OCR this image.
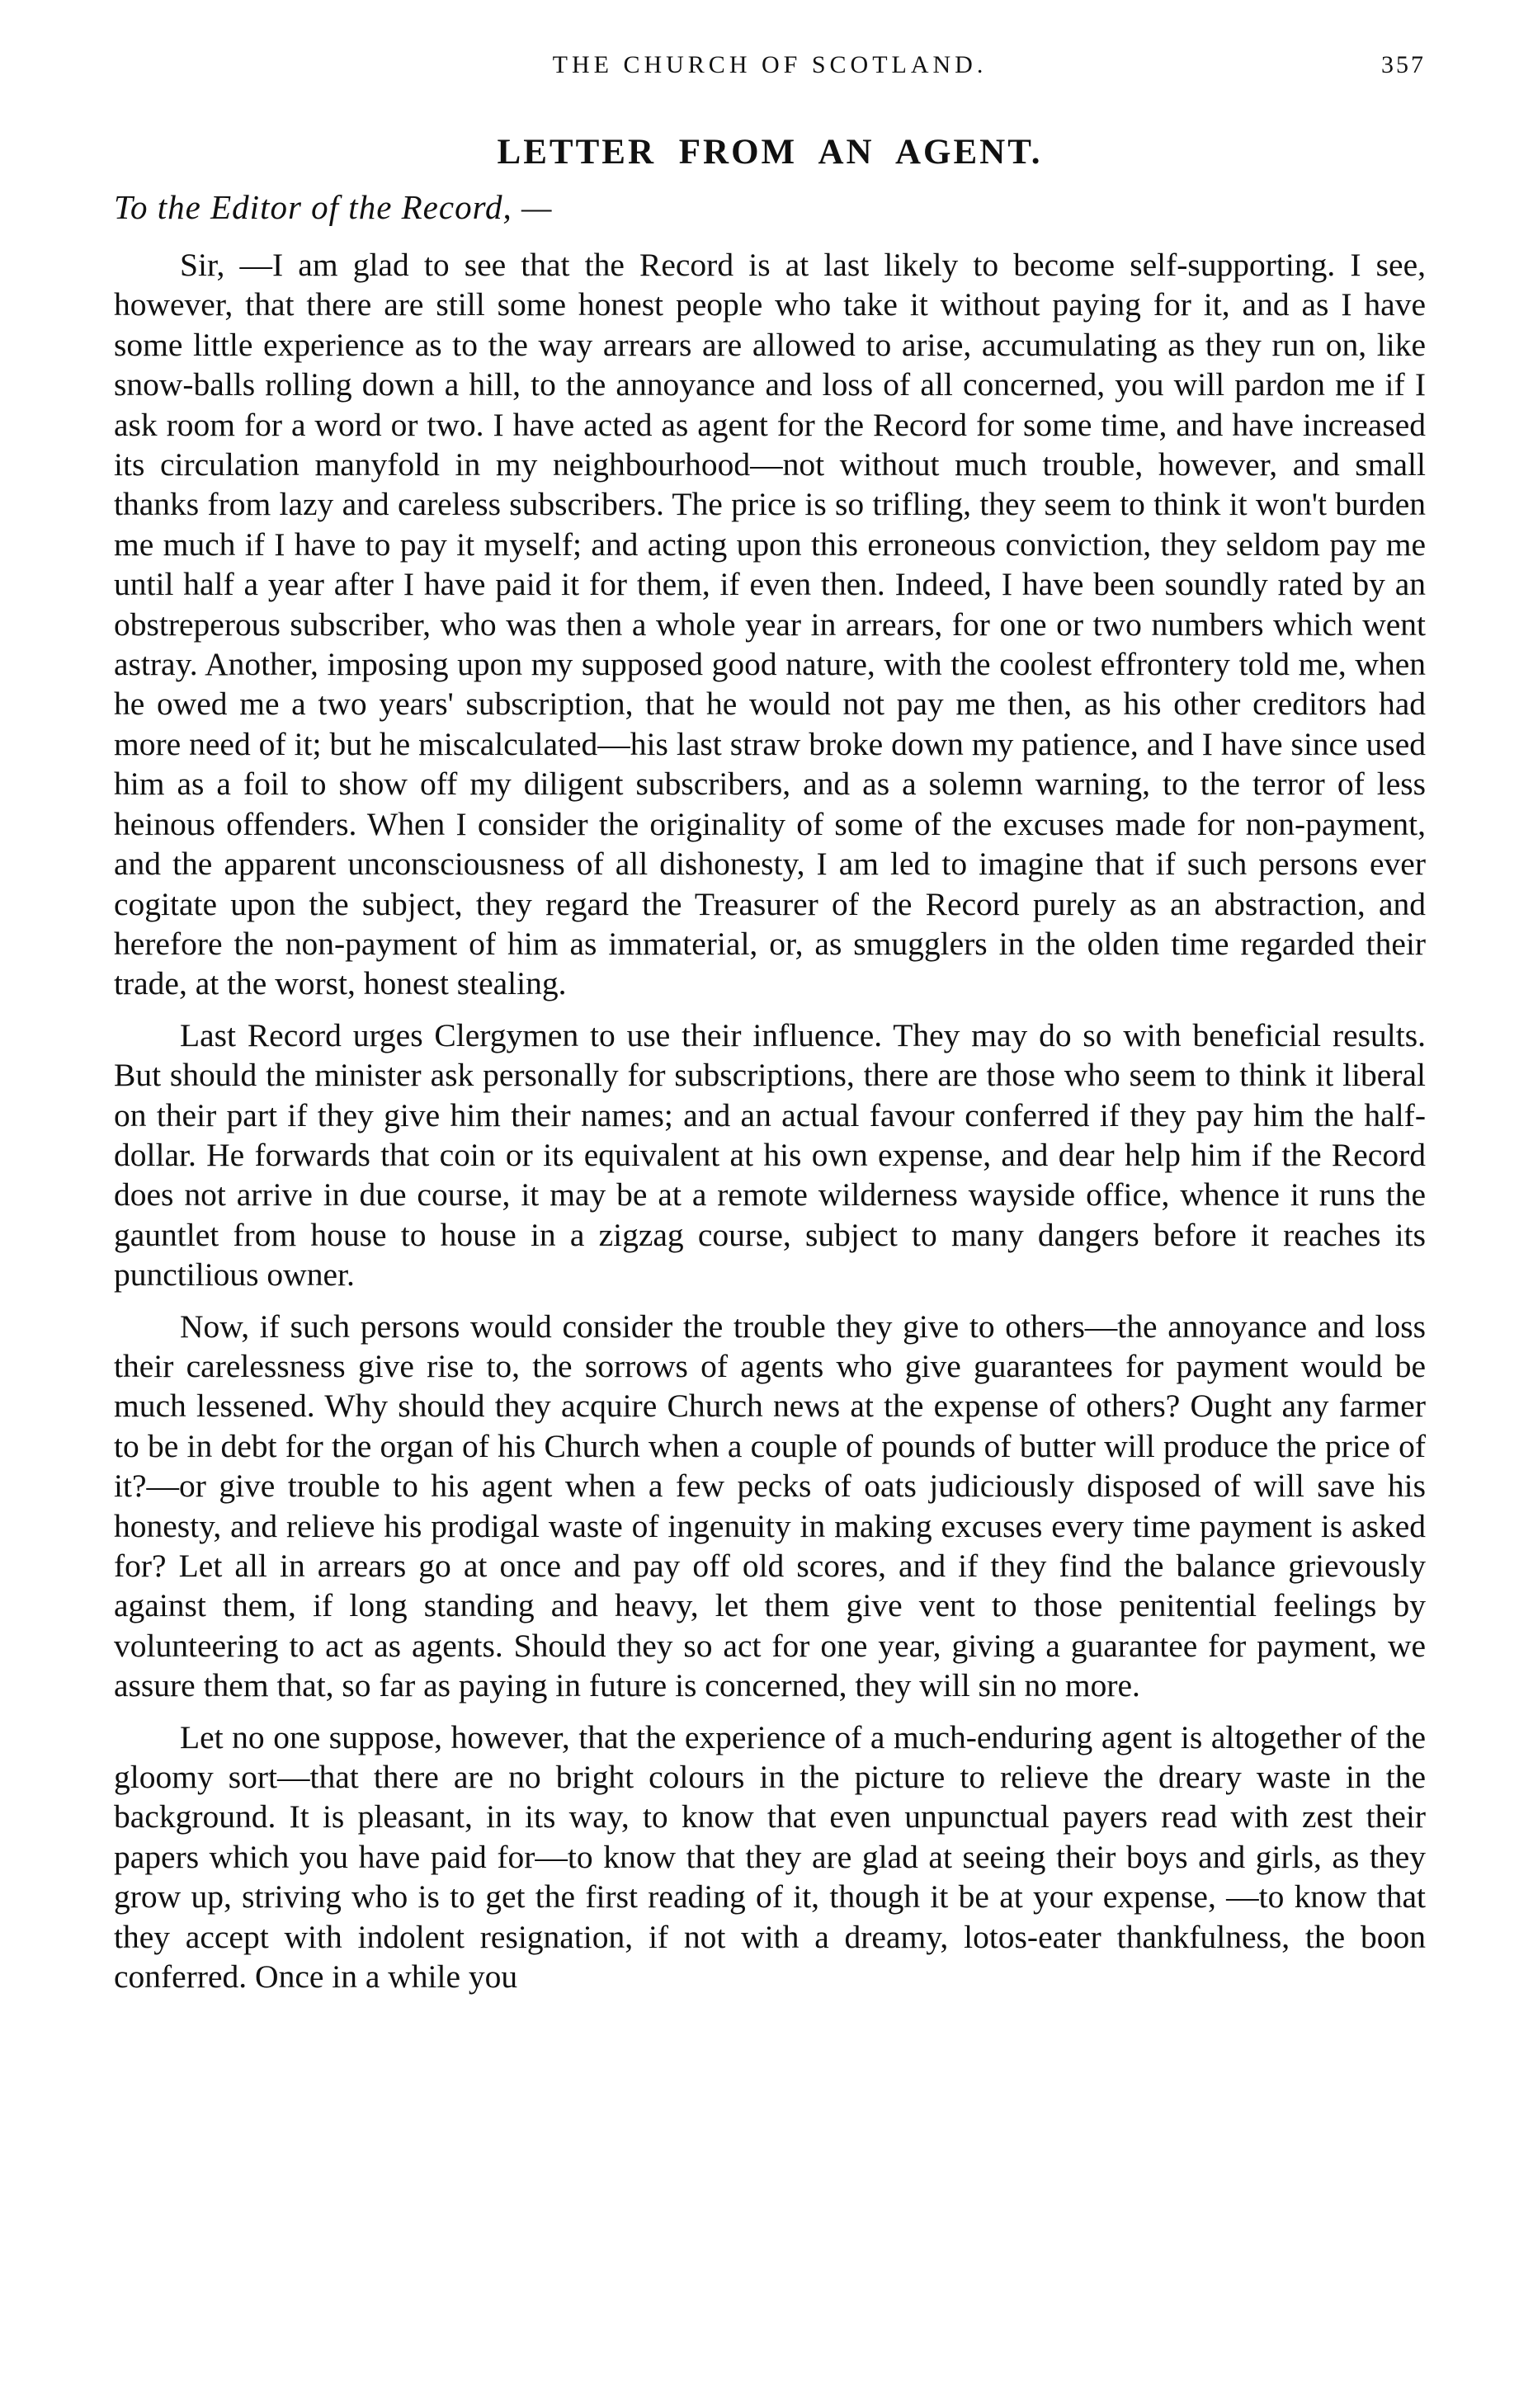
THE CHURCH OF SCOTLAND.	357
LETTER FROM AN AGENT.
To the Editor of the Record, —

Sir, —I am glad to see that the Record is at last likely to become self-supporting. I see, however, that there are still some honest people who take it without paying for it, and as I have some little experience as to the way arrears are allowed to arise, accumulating as they run on, like snow-balls rolling down a hill, to the annoyance and loss of all concerned, you will pardon me if I ask room for a word or two. I have acted as agent for the Record for some time, and have increased its circulation manyfold in my neighbourhood—not without much trouble, however, and small thanks from lazy and careless subscribers. The price is so trifling, they seem to think it won't burden me much if I have to pay it myself; and acting upon this erroneous conviction, they seldom pay me until half a year after I have paid it for them, if even then. Indeed, I have been soundly rated by an obstreperous subscriber, who was then a whole year in arrears, for one or two numbers which went astray. Another, imposing upon my supposed good nature, with the coolest effrontery told me, when he owed me a two years' subscription, that he would not pay me then, as his other creditors had more need of it; but he miscalculated—his last straw broke down my patience, and I have since used him as a foil to show off my diligent subscribers, and as a solemn warning, to the terror of less heinous offenders. When I consider the originality of some of the excuses made for non-payment, and the apparent unconsciousness of all dishonesty, I am led to imagine that if such persons ever cogitate upon the subject, they regard the Treasurer of the Record purely as an abstraction, and herefore the non-payment of him as immaterial, or, as smugglers in the olden time regarded their trade, at the worst, honest stealing.

Last Record urges Clergymen to use their influence. They may do so with beneficial results. But should the minister ask personally for subscriptions, there are those who seem to think it liberal on their part if they give him their names; and an actual favour conferred if they pay him the half-dollar. He forwards that coin or its equivalent at his own expense, and dear help him if the Record does not arrive in due course, it may be at a remote wilderness wayside office, whence it runs the gauntlet from house to house in a zigzag course, subject to many dangers before it reaches its punctilious owner.

Now, if such persons would consider the trouble they give to others—the annoyance and loss their carelessness give rise to, the sorrows of agents who give guarantees for payment would be much lessened. Why should they acquire Church news at the expense of others? Ought any farmer to be in debt for the organ of his Church when a couple of pounds of butter will produce the price of it?—or give trouble to his agent when a few pecks of oats judiciously disposed of will save his honesty, and relieve his prodigal waste of ingenuity in making excuses every time payment is asked for? Let all in arrears go at once and pay off old scores, and if they find the balance grievously against them, if long standing and heavy, let them give vent to those penitential feelings by volunteering to act as agents. Should they so act for one year, giving a guarantee for payment, we assure them that, so far as paying in future is concerned, they will sin no more.

Let no one suppose, however, that the experience of a much-enduring agent is altogether of the gloomy sort—that there are no bright colours in the picture to relieve the dreary waste in the background. It is pleasant, in its way, to know that even unpunctual payers read with zest their papers which you have paid for—to know that they are glad at seeing their boys and girls, as they grow up, striving who is to get the first reading of it, though it be at your expense, —to know that they accept with indolent resignation, if not with a dreamy, lotos-eater thankfulness, the boon conferred. Once in a while you
